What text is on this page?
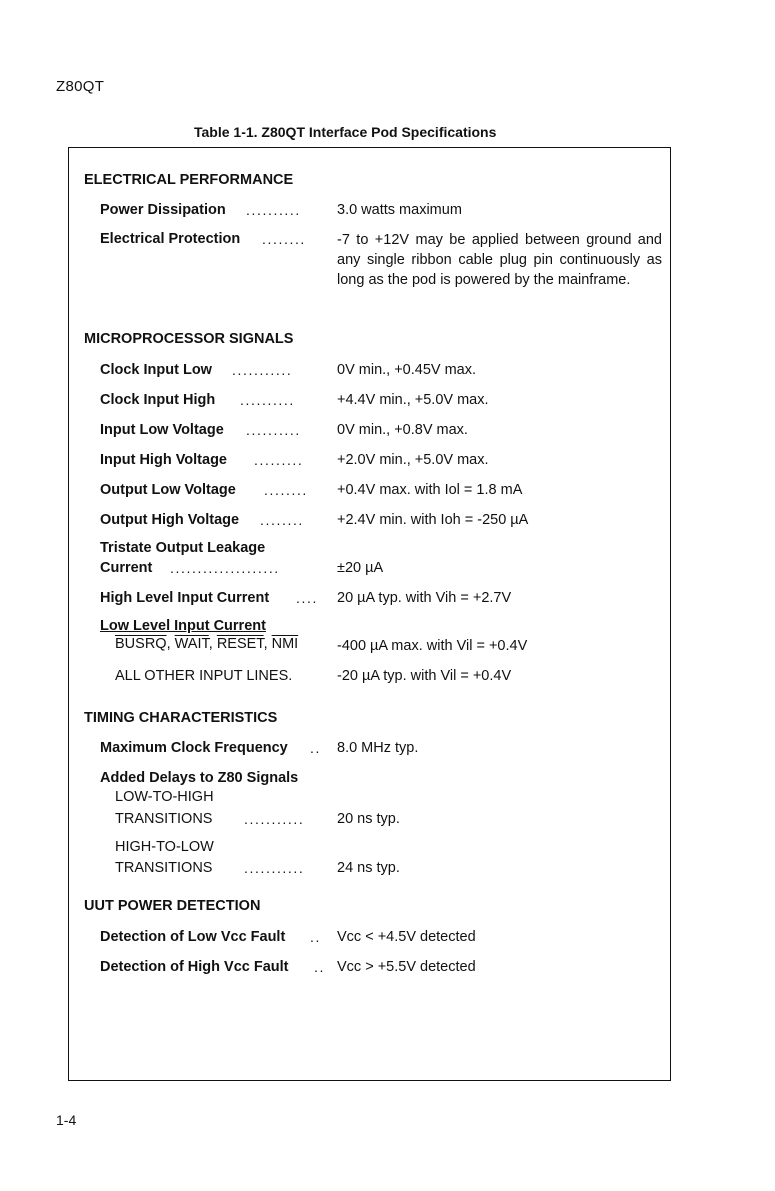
Z80QT
Table 1-1. Z80QT Interface Pod Specifications
ELECTRICAL PERFORMANCE
Power Dissipation .......... 3.0 watts maximum
Electrical Protection ........ -7 to +12V may be applied between ground and any single ribbon cable plug pin continuously as long as the pod is powered by the mainframe.
MICROPROCESSOR SIGNALS
Clock Input Low ...........	0V min., +0.45V max.
Clock Input High ..........	+4.4V min., +5.0V max.
Input Low Voltage .......... 0V min., +0.8V max.
Input High Voltage ......... +2.0V min., +5.0V max.
Output Low Voltage ........ +0.4V max. with Iol = 1.8 mA
Output High Voltage ........ +2.4V min. with Ioh = -250 µA
Tristate Output Leakage
Current ....................	±20 µA
High Level Input Current .... 20 µA typ. with Vih = +2.7V
Low Level Input Current
BUSRQ, WAIT, RESET, $\overline{NMI}$	-400 µA max. with Vil = +0.4V
ALL OTHER INPUT LINES.	-20 µA typ. with Vil = +0.4V
TIMING CHARACTERISTICS
Maximum Clock Frequency .. 8.0 MHz typ.
Added Delays to Z80 Signals
LOW-TO-HIGH
TRANSITIONS ........... 20 ns typ.
HIGH-TO-LOW
TRANSITIONS ........... 24 ns typ.
UUT POWER DETECTION
Detection of Low Vcc Fault .. Vcc < +4.5V detected
Detection of High Vcc Fault .. Vcc > +5.5V detected
1-4
